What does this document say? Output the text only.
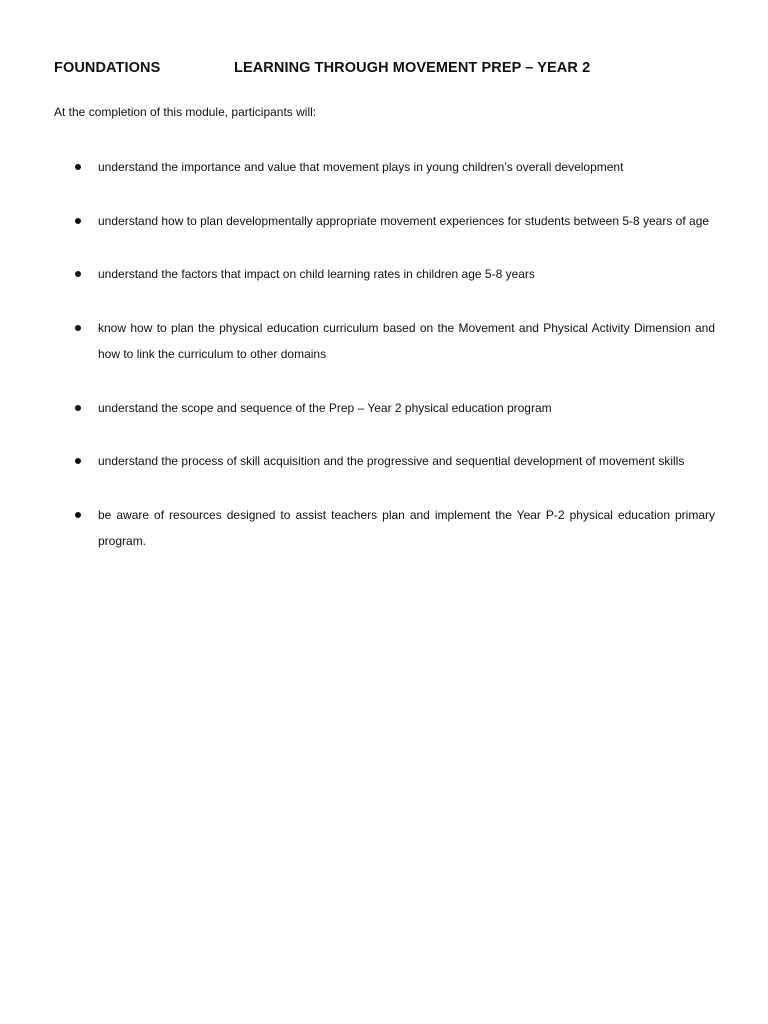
FOUNDATIONS	LEARNING THROUGH MOVEMENT PREP – YEAR 2
At the completion of this module, participants will:
understand the importance and value that movement plays in young children’s overall development
understand how to plan developmentally appropriate movement experiences for students between 5-8 years of age
understand the factors that impact on child learning rates in children age 5-8 years
know how to plan the physical education curriculum based on the Movement and Physical Activity Dimension and how to link the curriculum to other domains
understand the scope and sequence of the Prep – Year 2 physical education program
understand the process of skill acquisition and the progressive and sequential development of movement skills
be aware of resources designed to assist teachers plan and implement the Year P-2 physical education primary program.
